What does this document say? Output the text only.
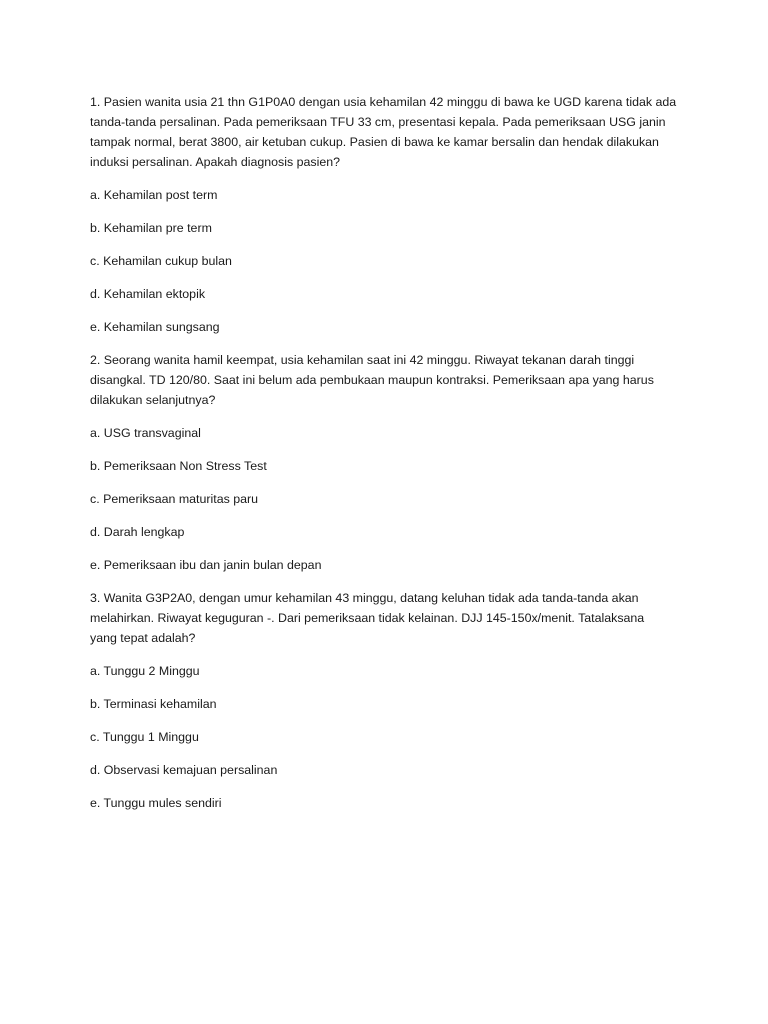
1. Pasien wanita usia 21 thn G1P0A0 dengan usia kehamilan 42 minggu di bawa ke UGD karena tidak ada
tanda-tanda persalinan. Pada pemeriksaan TFU 33 cm, presentasi kepala. Pada pemeriksaan USG janin
tampak normal, berat 3800, air ketuban cukup. Pasien di bawa ke kamar bersalin dan hendak dilakukan
induksi persalinan. Apakah diagnosis pasien?
a. Kehamilan post term
b. Kehamilan pre term
c. Kehamilan cukup bulan
d. Kehamilan ektopik
e. Kehamilan sungsang
2. Seorang wanita hamil keempat, usia kehamilan saat ini 42 minggu. Riwayat tekanan darah tinggi
disangkal. TD 120/80. Saat ini belum ada pembukaan maupun kontraksi. Pemeriksaan apa yang harus
dilakukan selanjutnya?
a. USG transvaginal
b. Pemeriksaan Non Stress Test
c. Pemeriksaan maturitas paru
d. Darah lengkap
e. Pemeriksaan ibu dan janin bulan depan
3. Wanita G3P2A0, dengan umur kehamilan 43 minggu, datang keluhan tidak ada tanda-tanda akan
melahirkan. Riwayat keguguran -. Dari pemeriksaan tidak kelainan. DJJ 145-150x/menit. Tatalaksana
yang tepat adalah?
a. Tunggu 2 Minggu
b. Terminasi kehamilan
c. Tunggu 1 Minggu
d. Observasi kemajuan persalinan
e. Tunggu mules sendiri
